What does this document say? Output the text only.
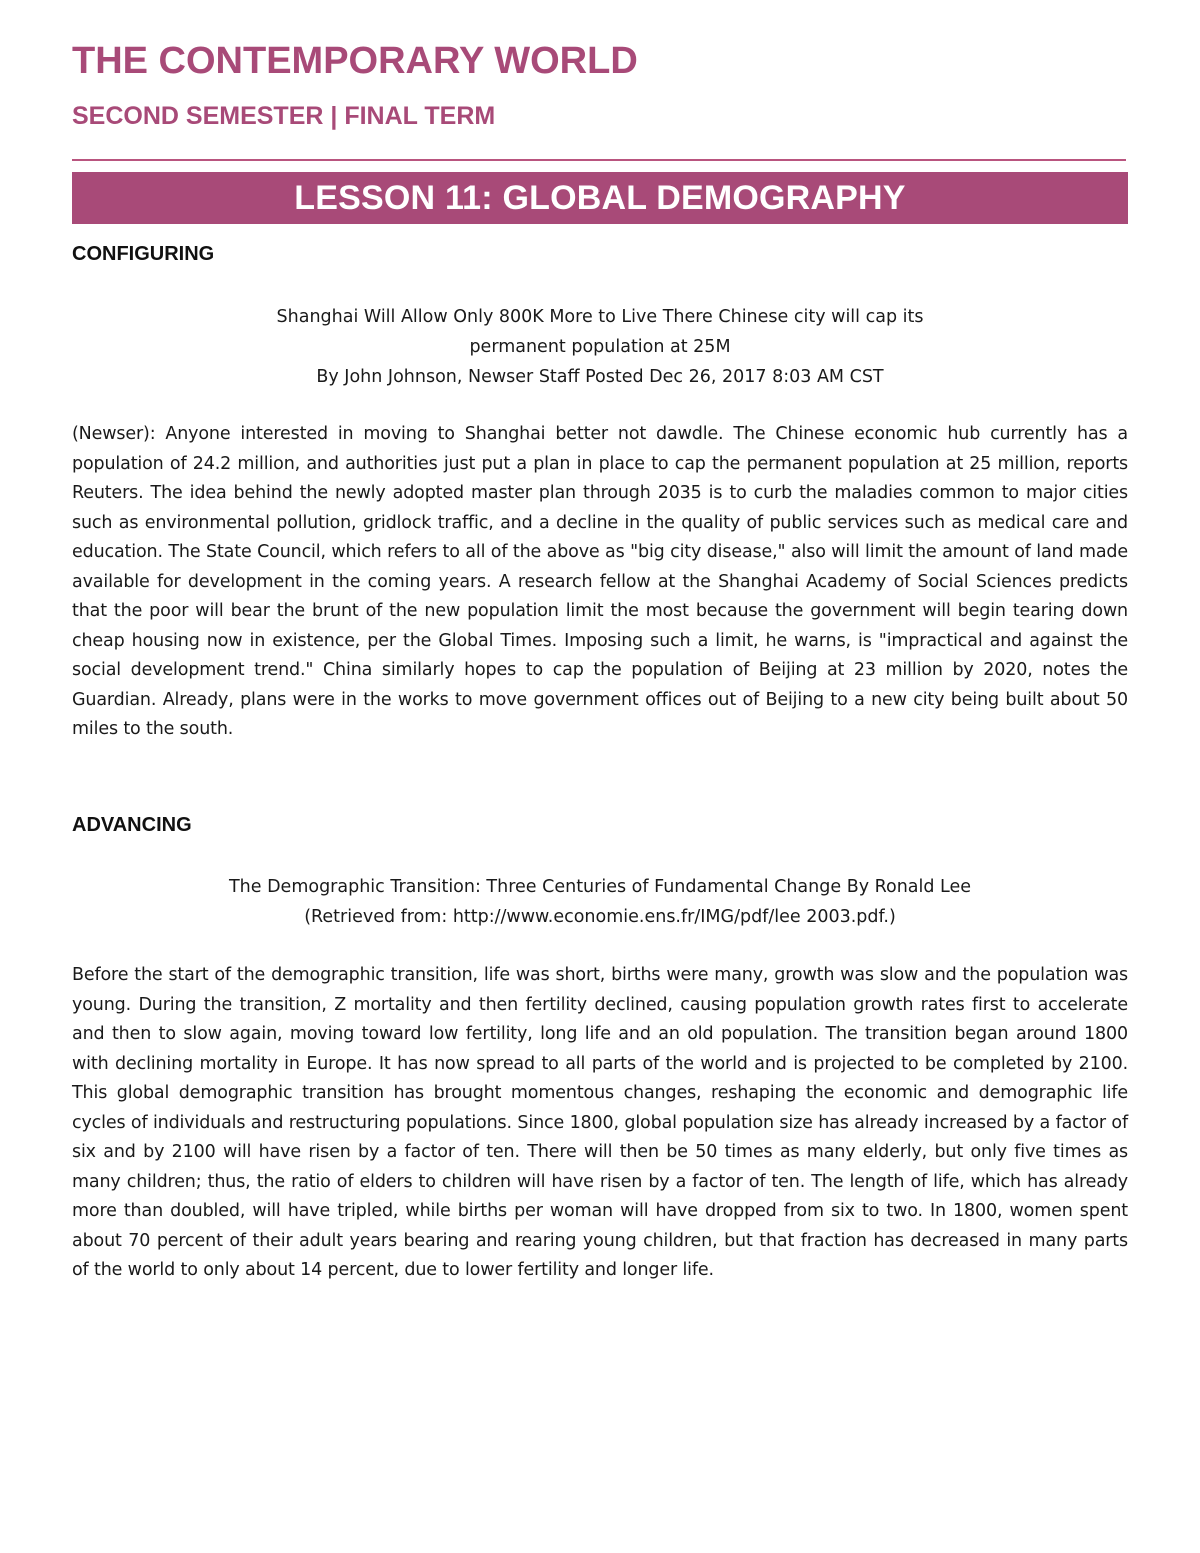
THE CONTEMPORARY WORLD
SECOND SEMESTER | FINAL TERM
LESSON 11: GLOBAL DEMOGRAPHY
CONFIGURING
Shanghai Will Allow Only 800K More to Live There Chinese city will cap its
permanent population at 25M
By John Johnson, Newser Staff Posted Dec 26, 2017 8:03 AM CST

(Newser): Anyone interested in moving to Shanghai better not dawdle. The Chinese economic hub currently has a population of 24.2 million, and authorities just put a plan in place to cap the permanent population at 25 million, reports Reuters. The idea behind the newly adopted master plan through 2035 is to curb the maladies common to major cities such as environmental pollution, gridlock traffic, and a decline in the quality of public services such as medical care and education. The State Council, which refers to all of the above as "big city disease," also will limit the amount of land made available for development in the coming years. A research fellow at the Shanghai Academy of Social Sciences predicts that the poor will bear the brunt of the new population limit the most because the government will begin tearing down cheap housing now in existence, per the Global Times. Imposing such a limit, he warns, is "impractical and against the social development trend." China similarly hopes to cap the population of Beijing at 23 million by 2020, notes the Guardian. Already, plans were in the works to move government offices out of Beijing to a new city being built about 50 miles to the south.

ADVANCING
The Demographic Transition: Three Centuries of Fundamental Change By Ronald Lee
(Retrieved from: http://www.economie.ens.fr/IMG/pdf/lee 2003.pdf.)

Before the start of the demographic transition, life was short, births were many, growth was slow and the population was young. During the transition, Z mortality and then fertility declined, causing population growth rates first to accelerate and then to slow again, moving toward low fertility, long life and an old population. The transition began around 1800 with declining mortality in Europe. It has now spread to all parts of the world and is projected to be completed by 2100. This global demographic transition has brought momentous changes, reshaping the economic and demographic life cycles of individuals and restructuring populations. Since 1800, global population size has already increased by a factor of six and by 2100 will have risen by a factor of ten. There will then be 50 times as many elderly, but only five times as many children; thus, the ratio of elders to children will have risen by a factor of ten. The length of life, which has already more than doubled, will have tripled, while births per woman will have dropped from six to two. In 1800, women spent about 70 percent of their adult years bearing and rearing young children, but that fraction has decreased in many parts of the world to only about 14 percent, due to lower fertility and longer life.
